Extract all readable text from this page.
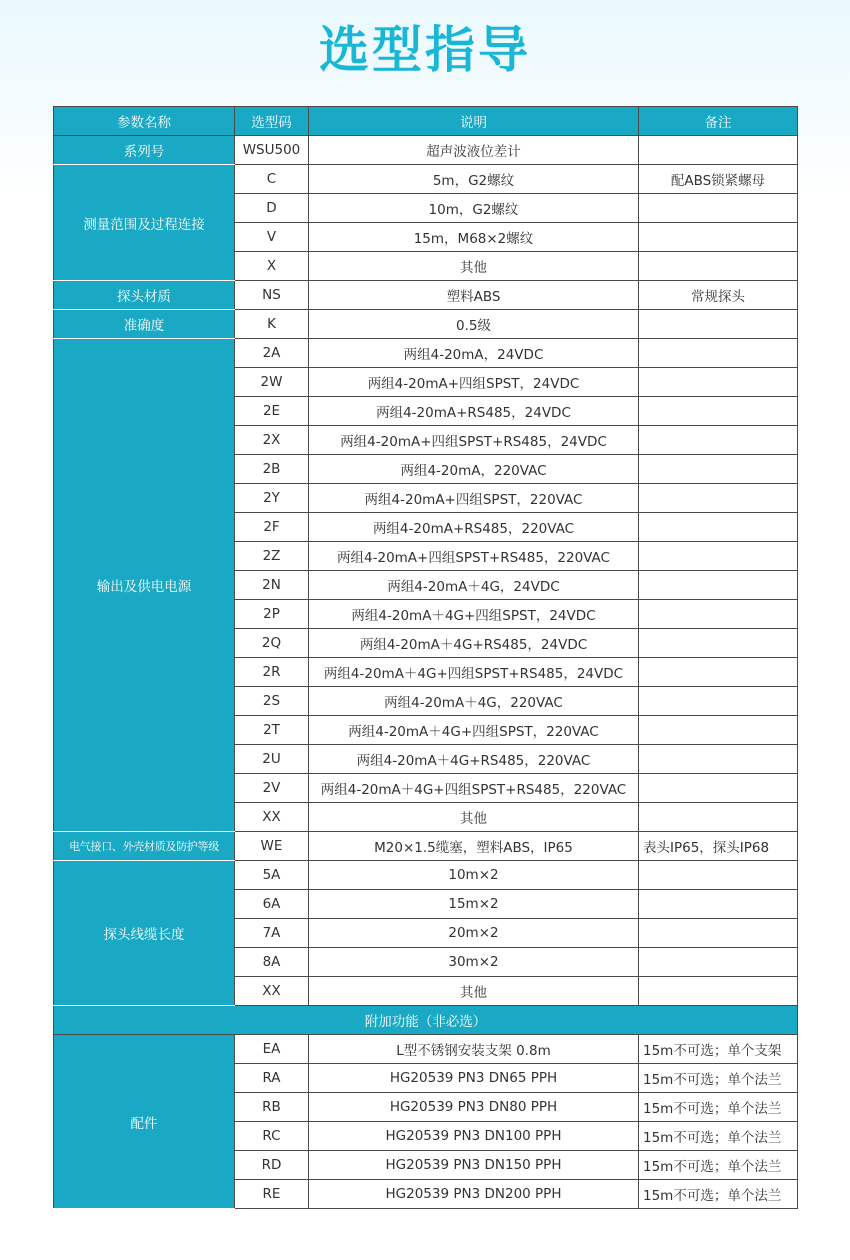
选型指导
参数名称	选型码	说明	备注
系列号	WSU500	超声波液位差计	
测量范围及过程连接	C	5m，G2螺纹	配ABS锁紧螺母
	D	10m，G2螺纹	
	V	15m，M68×2螺纹	
	X	其他	
探头材质	NS	塑料ABS	常规探头
准确度	K	0.5级	
输出及供电电源	2A	两组4-20mA，24VDC	
	2W	两组4-20mA+四组SPST，24VDC	
	2E	两组4-20mA+RS485，24VDC	
	2X	两组4-20mA+四组SPST+RS485，24VDC	
	2B	两组4-20mA，220VAC	
	2Y	两组4-20mA+四组SPST，220VAC	
	2F	两组4-20mA+RS485，220VAC	
	2Z	两组4-20mA+四组SPST+RS485，220VAC	
	2N	两组4-20mA＋4G，24VDC	
	2P	两组4-20mA＋4G+四组SPST，24VDC	
	2Q	两组4-20mA＋4G+RS485，24VDC	
	2R	两组4-20mA＋4G+四组SPST+RS485，24VDC	
	2S	两组4-20mA＋4G，220VAC	
	2T	两组4-20mA＋4G+四组SPST，220VAC	
	2U	两组4-20mA＋4G+RS485，220VAC	
	2V	两组4-20mA＋4G+四组SPST+RS485，220VAC	
	XX	其他	
电气接口、外壳材质及防护等级	WE	M20×1.5缆塞，塑料ABS，IP65	表头IP65，探头IP68
探头线缆长度	5A	10m×2	
	6A	15m×2	
	7A	20m×2	
	8A	30m×2	
	XX	其他	
附加功能（非必选）			
配件	EA	L型不锈钢安装支架 0.8m	15m不可选；单个支架
	RA	HG20539 PN3 DN65 PPH	15m不可选；单个法兰
	RB	HG20539 PN3 DN80 PPH	15m不可选；单个法兰
	RC	HG20539 PN3 DN100 PPH	15m不可选；单个法兰
	RD	HG20539 PN3 DN150 PPH	15m不可选；单个法兰
	RE	HG20539 PN3 DN200 PPH	15m不可选；单个法兰
